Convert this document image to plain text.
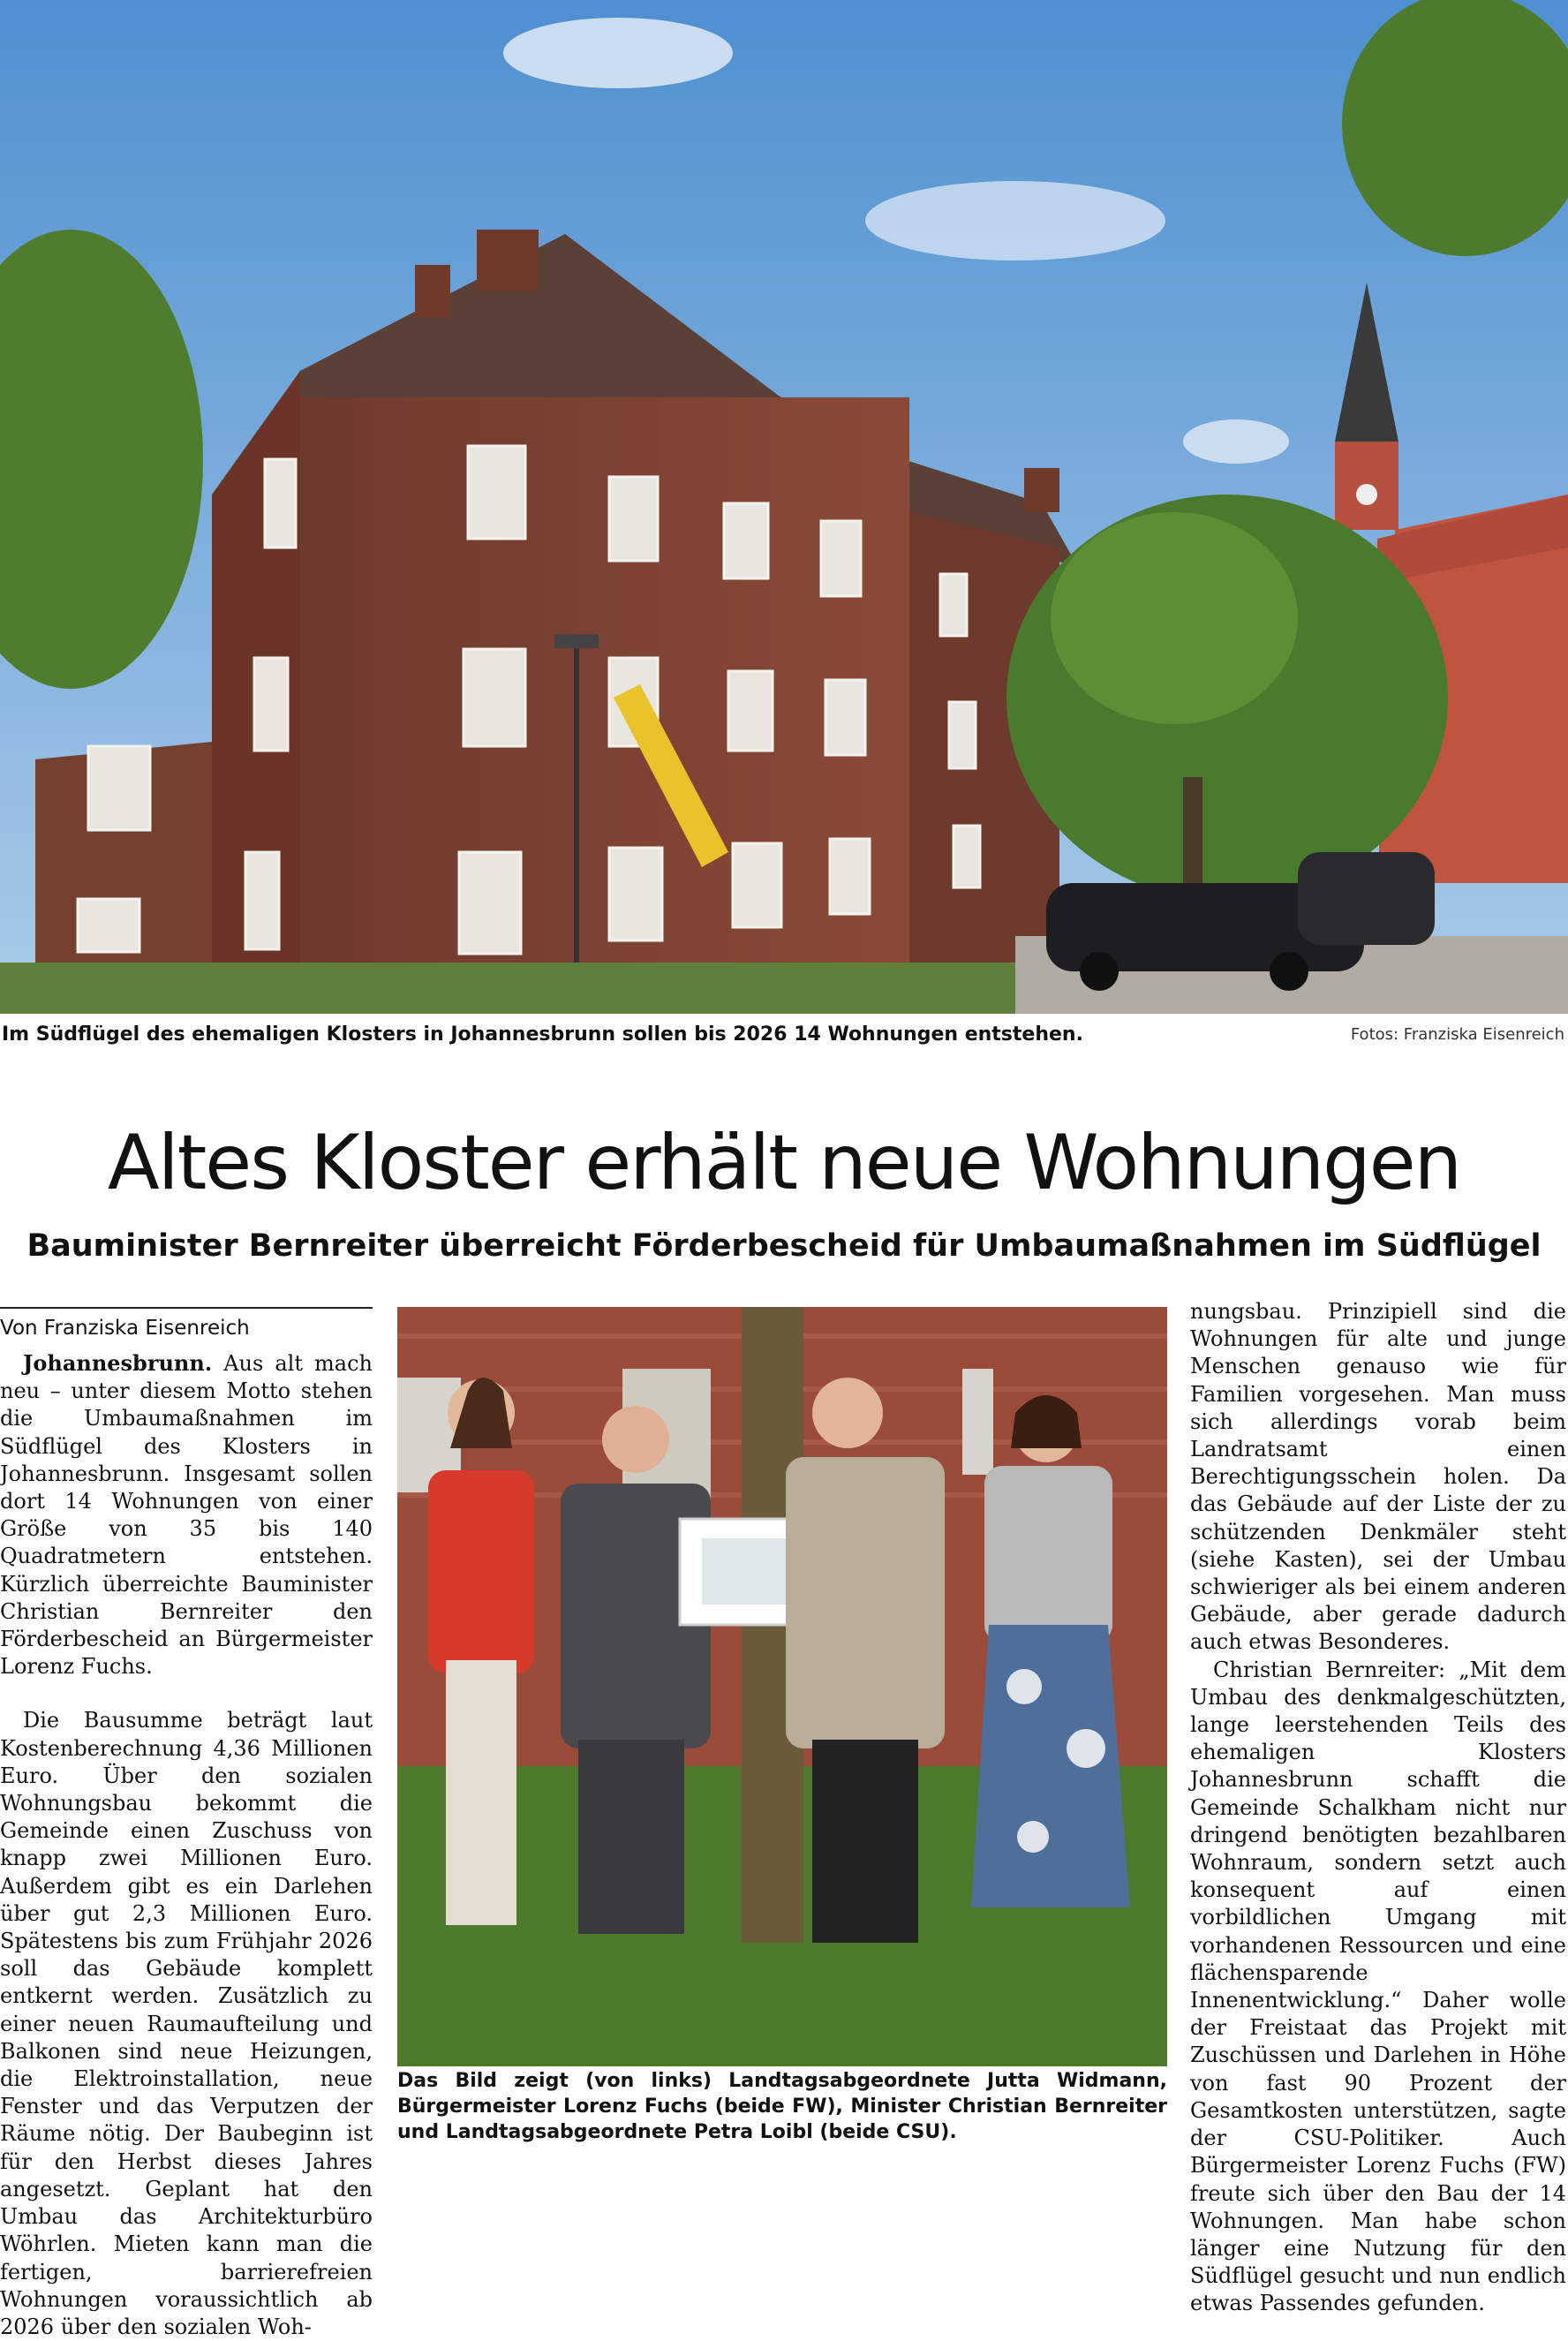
Im Südflügel des ehemaligen Klosters in Johannesbrunn sollen bis 2026 14 Wohnungen entstehen.	Fotos: Franziska Eisenreich
Altes Kloster erhält neue Wohnungen
Bauminister Bernreiter überreicht Förderbescheid für Umbaumaßnahmen im Südflügel
Von Franziska Eisenreich

Johannesbrunn. Aus alt mach neu – unter diesem Motto stehen die Umbaumaßnahmen im Südflügel des Klosters in Johannesbrunn. Insgesamt sollen dort 14 Wohnungen von einer Größe von 35 bis 140 Quadratmetern entstehen. Kürzlich überreichte Bauminister Christian Bernreiter den Förderbescheid an Bürgermeister Lorenz Fuchs.

Die Bausumme beträgt laut Kostenberechnung 4,36 Millionen Euro. Über den sozialen Wohnungsbau bekommt die Gemeinde einen Zuschuss von knapp zwei Millionen Euro. Außerdem gibt es ein Darlehen über gut 2,3 Millionen Euro. Spätestens bis zum Frühjahr 2026 soll das Gebäude komplett entkernt werden. Zusätzlich zu einer neuen Raumaufteilung und Balkonen sind neue Heizungen, die Elektroinstallation, neue Fenster und das Verputzen der Räume nötig. Der Baubeginn ist für den Herbst dieses Jahres angesetzt. Geplant hat den Umbau das Architekturbüro Wöhrlen. Mieten kann man die fertigen, barrierefreien Wohnungen voraussichtlich ab 2026 über den sozialen Woh-

Das Bild zeigt (von links) Landtagsabgeordnete Jutta Widmann, Bürgermeister Lorenz Fuchs (beide FW), Minister Christian Bernreiter und Landtagsabgeordnete Petra Loibl (beide CSU).

nungsbau. Prinzipiell sind die Wohnungen für alte und junge Menschen genauso wie für Familien vorgesehen. Man muss sich allerdings vorab beim Landratsamt einen Berechtigungsschein holen. Da das Gebäude auf der Liste der zu schützenden Denkmäler steht (siehe Kasten), sei der Umbau schwieriger als bei einem anderen Gebäude, aber gerade dadurch auch etwas Besonderes.

Christian Bernreiter: „Mit dem Umbau des denkmalgeschützten, lange leerstehenden Teils des ehemaligen Klosters Johannesbrunn schafft die Gemeinde Schalkham nicht nur dringend benötigten bezahlbaren Wohnraum, sondern setzt auch konsequent auf einen vorbildlichen Umgang mit vorhandenen Ressourcen und eine flächensparende Innenentwicklung.“ Daher wolle der Freistaat das Projekt mit Zuschüssen und Darlehen in Höhe von fast 90 Prozent der Gesamtkosten unterstützen, sagte der CSU-Politiker. Auch Bürgermeister Lorenz Fuchs (FW) freute sich über den Bau der 14 Wohnungen. Man habe schon länger eine Nutzung für den Südflügel gesucht und nun endlich etwas Passendes gefunden.
